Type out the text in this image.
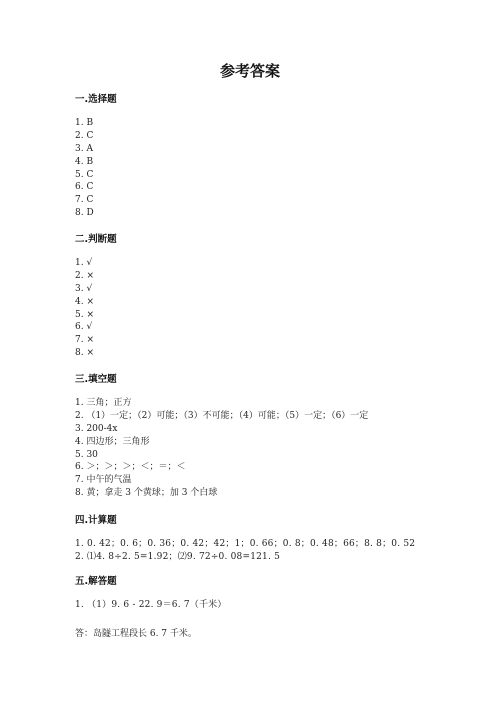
参考答案
一.选择题
1. B
2. C
3. A
4. B
5. C
6. C
7. C
8. D
二.判断题
1. √
2. ×
3. √
4. ×
5. ×
6. √
7. ×
8. ×
三.填空题
1. 三角；正方
2. （1）一定；（2）可能；（3）不可能；（4）可能；（5）一定；（6）一定
3. 200-4x
4. 四边形；三角形
5. 30
6. ＞；＞；＞；＜；＝；＜
7. 中午的气温
8. 黄；拿走 3 个黄球；加 3 个白球
四.计算题
1. 0. 42；0. 6；0. 36；0. 42；42；1；0. 66；0. 8；0. 48；66；8. 8；0. 52
2. ⑴4. 8÷2. 5=1.92；⑵9. 72÷0. 08=121. 5
五.解答题
1. （1）9. 6 - 22. 9＝6. 7（千米）
答：岛隧工程段长 6. 7 千米。
